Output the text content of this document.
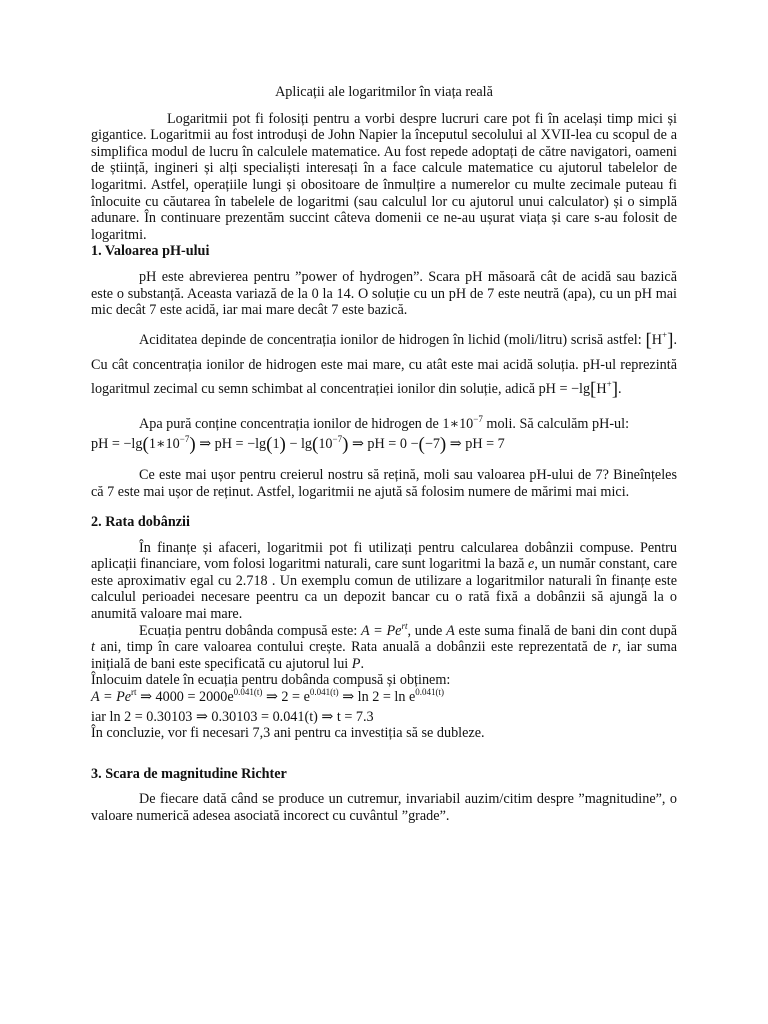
Aplicații ale logaritmilor în viața reală

Logaritmii pot fi folosiți pentru a vorbi despre lucruri care pot fi în același timp mici și gigantice. Logaritmii au fost introduși de John Napier la începutul secolului al XVII-lea cu scopul de a simplifica modul de lucru în calculele matematice. Au fost repede adoptați de către navigatori, oameni de știință, ingineri și alți specialiști interesați în a face calcule matematice cu ajutorul tabelelor de logaritmi. Astfel, operațiile lungi și obositoare de înmulțire a numerelor cu multe zecimale puteau fi înlocuite cu căutarea în tabelele de logaritmi (sau calculul lor cu ajutorul unui calculator) și o simplă adunare. În continuare prezentăm succint câteva domenii ce ne-au ușurat viața și care s-au folosit de logaritmi.

1. Valoarea pH-ului

pH este abrevierea pentru ”power of hydrogen”. Scara pH măsoară cât de acidă sau bazică este o substanță. Aceasta variază de la 0 la 14. O soluție cu un pH de 7 este neutră (apa), cu un pH mai mic decât 7 este acidă, iar mai mare decât 7 este bazică.

Aciditatea depinde de concentrația ionilor de hidrogen în lichid (moli/litru) scrisă astfel: [H+]. Cu cât concentrația ionilor de hidrogen este mai mare, cu atât este mai acidă soluția. pH-ul reprezintă logaritmul zecimal cu semn schimbat al concentrației ionilor din soluție, adică pH = −lg[H+].

Apa pură conține concentrația ionilor de hidrogen de $1∗10^{-7}$ moli. Să calculăm pH-ul:

pH = $-\lg(1∗10^{-7})$ ⇒ pH = $-\lg(1) - \lg(10^{-7})$ ⇒ pH = 0 −(−7) ⇒ pH = 7

Ce este mai ușor pentru creierul nostru să rețină, moli sau valoarea pH-ului de 7? Bineînțeles că 7 este mai ușor de reținut. Astfel, logaritmii ne ajută să folosim numere de mărimi mai mici.

2. Rata dobânzii

În finanțe și afaceri, logaritmii pot fi utilizați pentru calcularea dobânzii compuse. Pentru aplicații financiare, vom folosi logaritmi naturali, care sunt logaritmi la bază e, un număr constant, care este aproximativ egal cu 2.718 . Un exemplu comun de utilizare a logaritmilor naturali în finanțe este calculul perioadei necesare peentru ca un depozit bancar cu o rată fixă a dobânzii să ajungă la o anumită valoare mai mare.

Ecuația pentru dobânda compusă este: $A = Pe^{rt}$, unde A este suma finală de bani din cont după t ani, timp în care valoarea contului crește. Rata anuală a dobânzii este reprezentată de r, iar suma inițială de bani este specificată cu ajutorul lui P.

Înlocuim datele în ecuația pentru dobânda compusă și obținem:

$A = Pe^{rt}$ ⇒ $4000 = 2000e^{0.041(t)}$ ⇒ $2 = e^{0.041(t)}$ ⇒ $\ln 2 = \ln e^{0.041(t)}$
iar ln 2 = 0.30103 ⇒ 0.30103 = 0.041(t) ⇒ t = 7.3

În concluzie, vor fi necesari 7,3 ani pentru ca investiția să se dubleze.

3. Scara de magnitudine Richter

De fiecare dată când se produce un cutremur, invariabil auzim/citim despre ”magnitudine”, o valoare numerică adesea asociată incorect cu cuvântul ”grade”.
